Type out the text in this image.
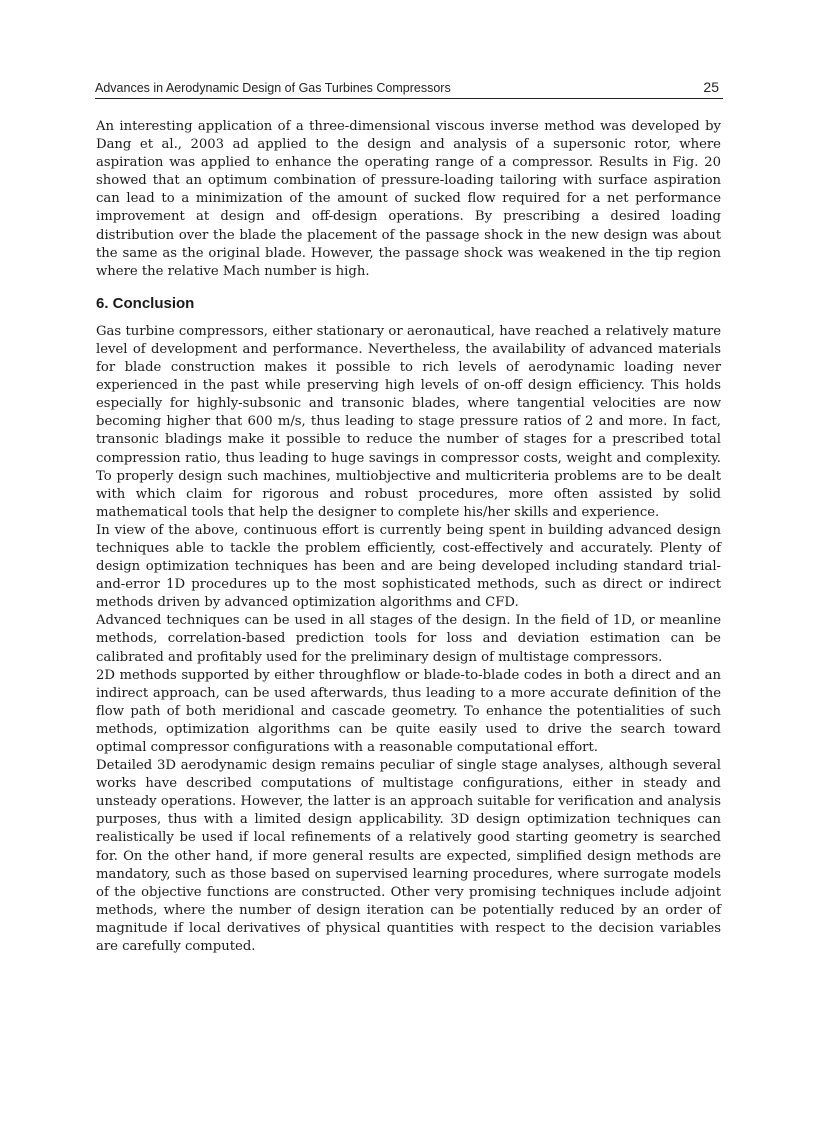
Advances in Aerodynamic Design of Gas Turbines Compressors	25

An interesting application of a three-dimensional viscous inverse method was developed by Dang et al., 2003 ad applied to the design and analysis of a supersonic rotor, where aspiration was applied to enhance the operating range of a compressor. Results in Fig. 20 showed that an optimum combination of pressure-loading tailoring with surface aspiration can lead to a minimization of the amount of sucked flow required for a net performance improvement at design and off-design operations. By prescribing a desired loading distribution over the blade the placement of the passage shock in the new design was about the same as the original blade. However, the passage shock was weakened in the tip region where the relative Mach number is high.

6. Conclusion

Gas turbine compressors, either stationary or aeronautical, have reached a relatively mature level of development and performance. Nevertheless, the availability of advanced materials for blade construction makes it possible to rich levels of aerodynamic loading never experienced in the past while preserving high levels of on-off design efficiency. This holds especially for highly-subsonic and transonic blades, where tangential velocities are now becoming higher that 600 m/s, thus leading to stage pressure ratios of 2 and more. In fact, transonic bladings make it possible to reduce the number of stages for a prescribed total compression ratio, thus leading to huge savings in compressor costs, weight and complexity. To properly design such machines, multiobjective and multicriteria problems are to be dealt with which claim for rigorous and robust procedures, more often assisted by solid mathematical tools that help the designer to complete his/her skills and experience.

In view of the above, continuous effort is currently being spent in building advanced design techniques able to tackle the problem efficiently, cost-effectively and accurately. Plenty of design optimization techniques has been and are being developed including standard trial-and-error 1D procedures up to the most sophisticated methods, such as direct or indirect methods driven by advanced optimization algorithms and CFD.

Advanced techniques can be used in all stages of the design. In the field of 1D, or meanline methods, correlation-based prediction tools for loss and deviation estimation can be calibrated and profitably used for the preliminary design of multistage compressors.

2D methods supported by either throughflow or blade-to-blade codes in both a direct and an indirect approach, can be used afterwards, thus leading to a more accurate definition of the flow path of both meridional and cascade geometry. To enhance the potentialities of such methods, optimization algorithms can be quite easily used to drive the search toward optimal compressor configurations with a reasonable computational effort.

Detailed 3D aerodynamic design remains peculiar of single stage analyses, although several works have described computations of multistage configurations, either in steady and unsteady operations. However, the latter is an approach suitable for verification and analysis purposes, thus with a limited design applicability. 3D design optimization techniques can realistically be used if local refinements of a relatively good starting geometry is searched for. On the other hand, if more general results are expected, simplified design methods are mandatory, such as those based on supervised learning procedures, where surrogate models of the objective functions are constructed. Other very promising techniques include adjoint methods, where the number of design iteration can be potentially reduced by an order of magnitude if local derivatives of physical quantities with respect to the decision variables are carefully computed.
